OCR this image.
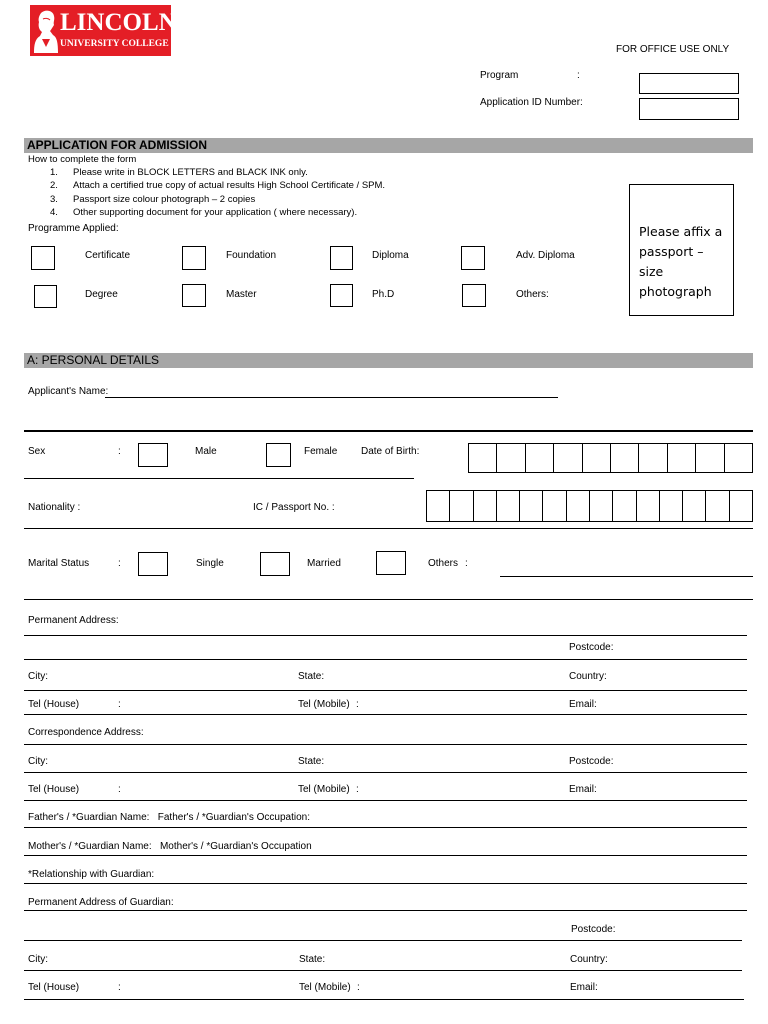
LINCOLN
UNIVERSITY COLLEGE	FOR OFFICE USE ONLY
Program	:
Application ID Number:
APPLICATION FOR ADMISSION
How to complete the form
1. Please write in BLOCK LETTERS and BLACK INK only.
2. Attach a certified true copy of actual results High School Certificate / SPM.
3. Passport size colour photograph – 2 copies
4. Other supporting document for your application ( where necessary).
Programme Applied:
Certificate	Foundation	Diploma	Adv. Diploma
Degree	Master	Ph.D	Others:
Please affix a passport – size photograph
A: PERSONAL DETAILS
Applicant's Name:
Sex	:	Male	Female Date of Birth:
Nationality :	IC / Passport No. :
Marital Status	:	Single	Married	Others :
Permanent Address:
Postcode:
City:	State:	Country:
Tel (House)	:	Tel (Mobile) :	Email:
Correspondence Address:
City:	State:	Postcode:
Tel (House)	:	Tel (Mobile) :	Email:
Father's / *Guardian Name:   Father's / *Guardian's Occupation:
Mother's / *Guardian Name:   Mother's / *Guardian's Occupation
*Relationship with Guardian:
Permanent Address of Guardian:
Postcode:
City:	State:	Country:
Tel (House)	:	Tel (Mobile) :	Email:
